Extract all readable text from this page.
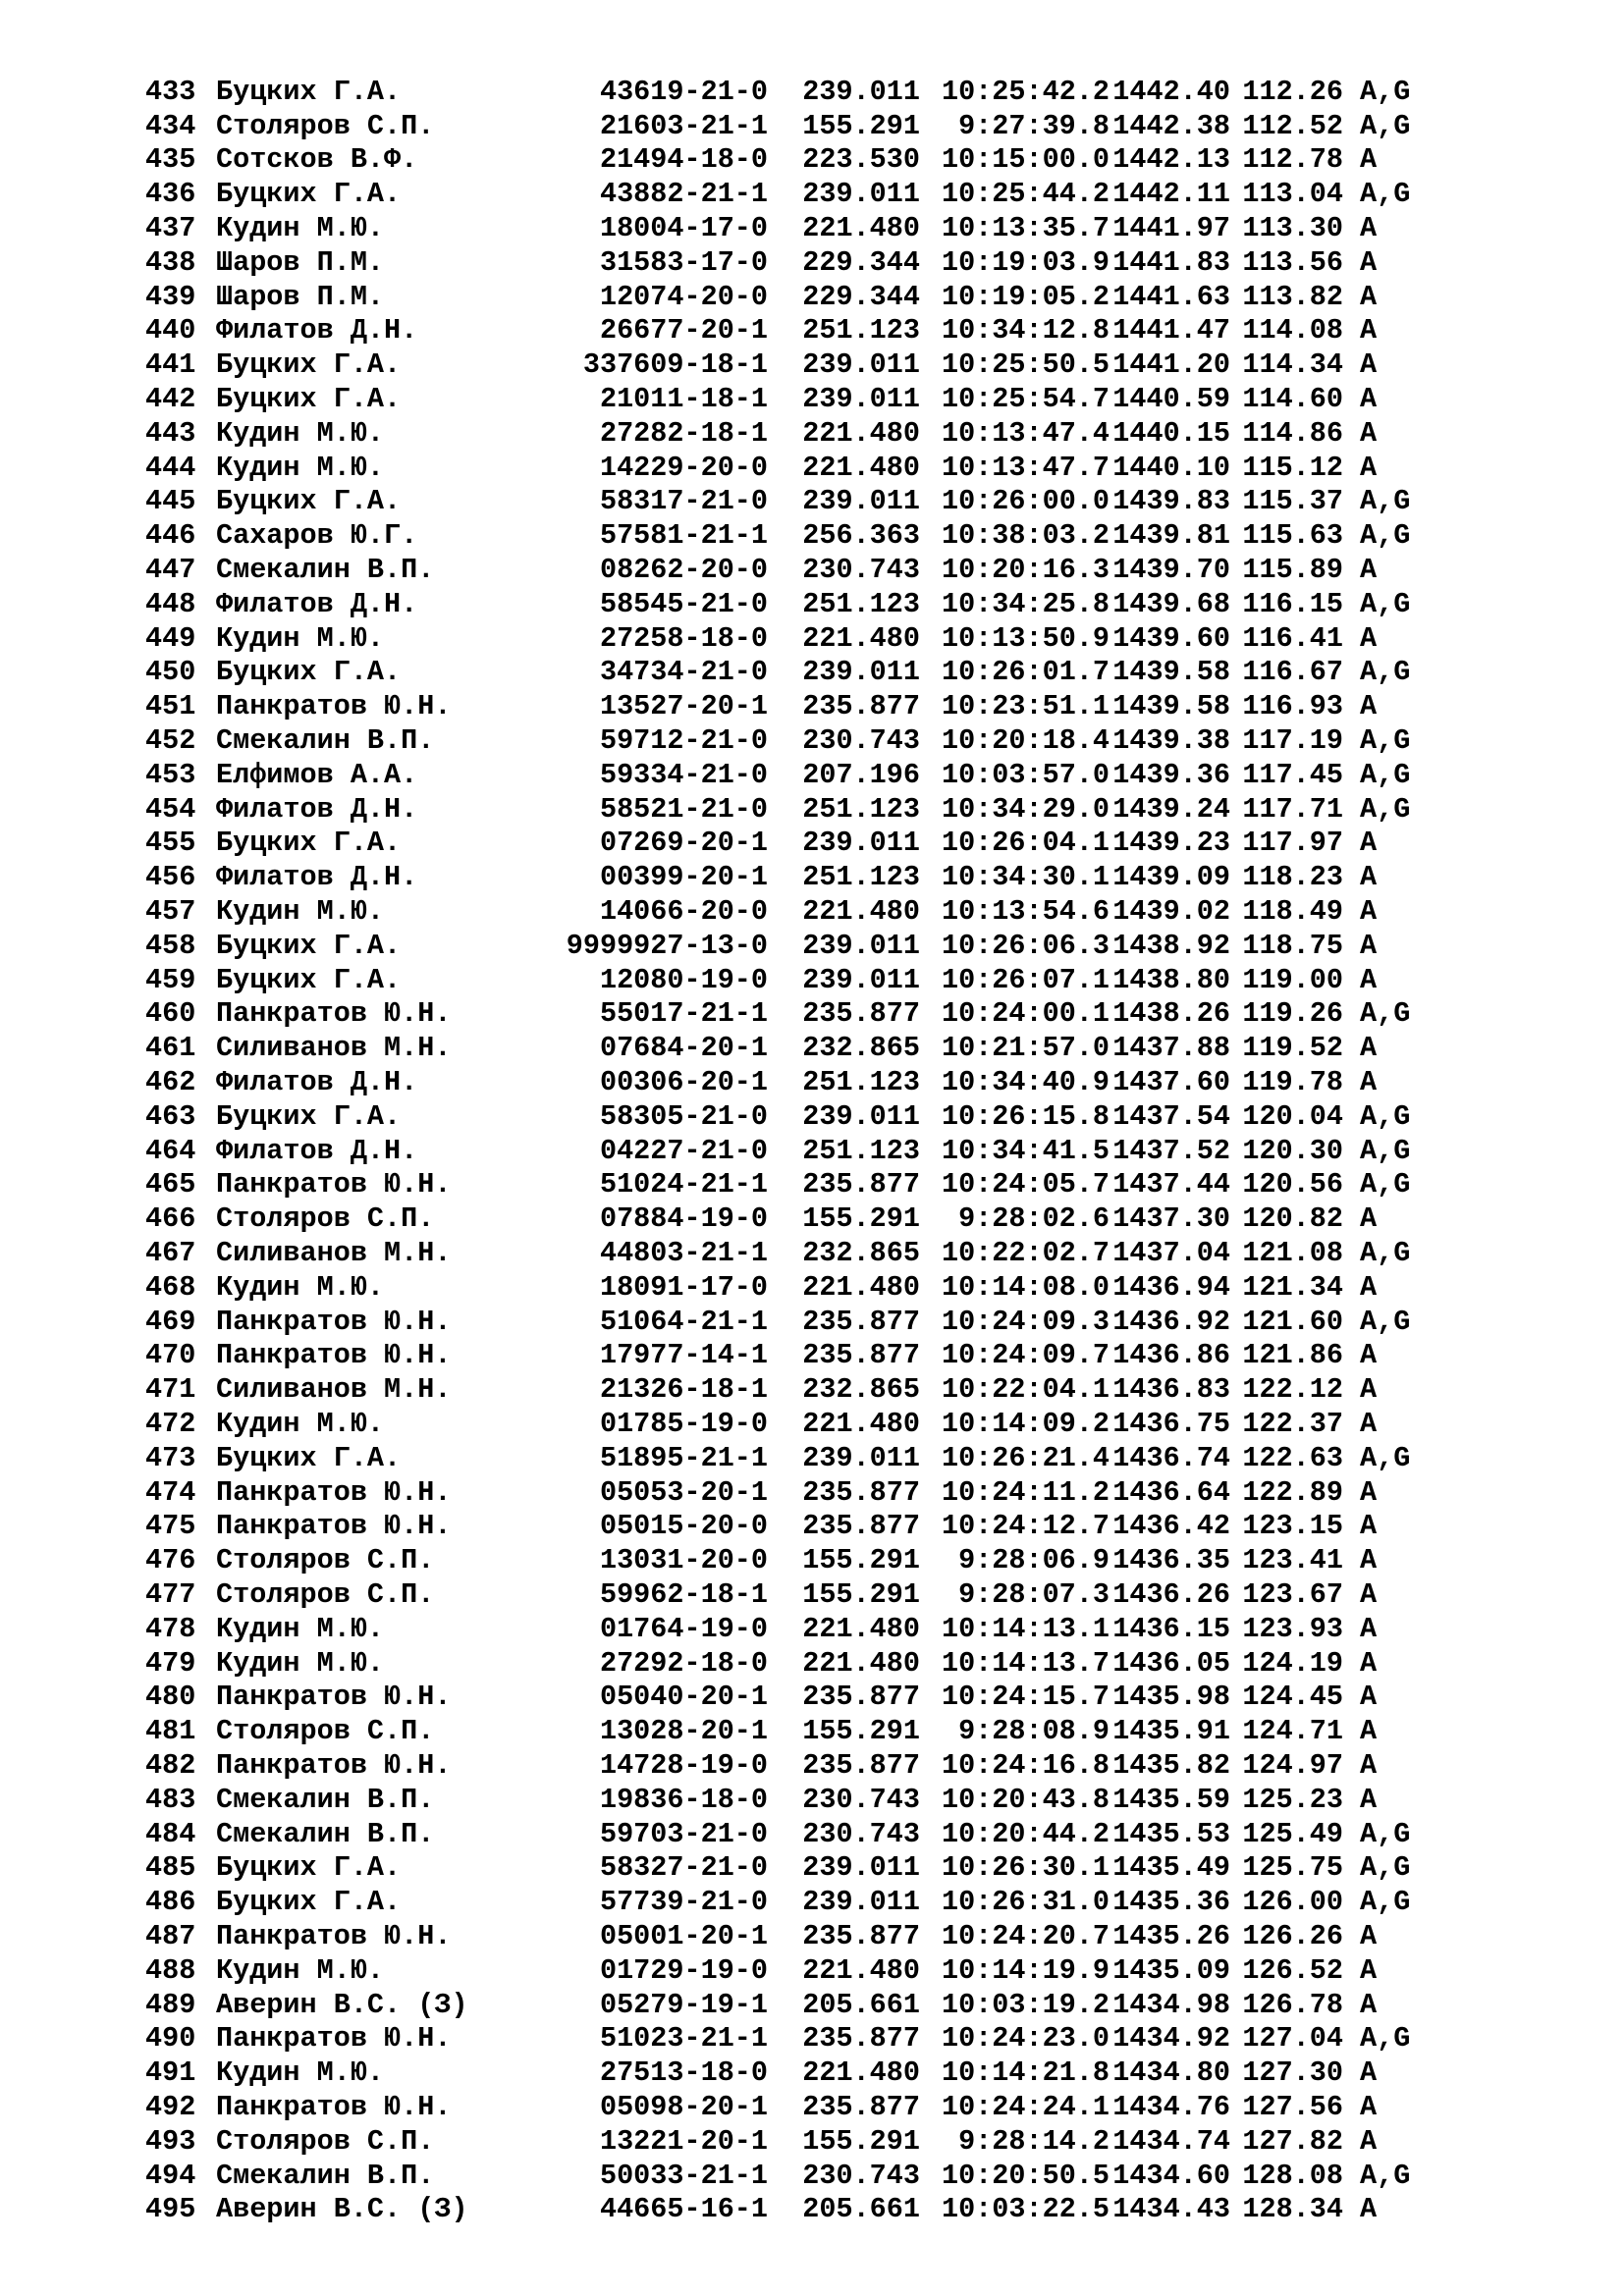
433 Буцких Г.А.	43619-21-0	239.011 10:25:42.2 1442.40 112.26 A,G
434 Столяров С.П.	21603-21-1	155.291	9:27:39.8 1442.38 112.52 A,G
435 Сотсков В.Ф.	21494-18-0	223.530 10:15:00.0 1442.13 112.78 A
436 Буцких Г.А.	43882-21-1	239.011 10:25:44.2 1442.11 113.04 A,G
437 Кудин М.Ю.	18004-17-0	221.480 10:13:35.7 1441.97 113.30 A
438 Шаров П.М.	31583-17-0	229.344 10:19:03.9 1441.83 113.56 A
439 Шаров П.М.	12074-20-0	229.344 10:19:05.2 1441.63 113.82 A
440 Филатов Д.Н.	26677-20-1	251.123 10:34:12.8 1441.47 114.08 A
441 Буцких Г.А.	337609-18-1	239.011 10:25:50.5 1441.20 114.34 A
442 Буцких Г.А.	21011-18-1	239.011 10:25:54.7 1440.59 114.60 A
443 Кудин М.Ю.	27282-18-1	221.480 10:13:47.4 1440.15 114.86 A
444 Кудин М.Ю.	14229-20-0	221.480 10:13:47.7 1440.10 115.12 A
445 Буцких Г.А.	58317-21-0	239.011 10:26:00.0 1439.83 115.37 A,G
446 Сахаров Ю.Г.	57581-21-1	256.363 10:38:03.2 1439.81 115.63 A,G
447 Смекалин В.П.	08262-20-0	230.743 10:20:16.3 1439.70 115.89 A
448 Филатов Д.Н.	58545-21-0	251.123 10:34:25.8 1439.68 116.15 A,G
449 Кудин М.Ю.	27258-18-0	221.480 10:13:50.9 1439.60 116.41 A
450 Буцких Г.А.	34734-21-0	239.011 10:26:01.7 1439.58 116.67 A,G
451 Панкратов Ю.Н.	13527-20-1	235.877 10:23:51.1 1439.58 116.93 A
452 Смекалин В.П.	59712-21-0	230.743 10:20:18.4 1439.38 117.19 A,G
453 Елфимов А.А.	59334-21-0	207.196 10:03:57.0 1439.36 117.45 A,G
454 Филатов Д.Н.	58521-21-0	251.123 10:34:29.0 1439.24 117.71 A,G
455 Буцких Г.А.	07269-20-1	239.011 10:26:04.1 1439.23 117.97 A
456 Филатов Д.Н.	00399-20-1	251.123 10:34:30.1 1439.09 118.23 A
457 Кудин М.Ю.	14066-20-0	221.480 10:13:54.6 1439.02 118.49 A
458 Буцких Г.А.	9999927-13-0	239.011 10:26:06.3 1438.92 118.75 A
459 Буцких Г.А.	12080-19-0	239.011 10:26:07.1 1438.80 119.00 A
460 Панкратов Ю.Н.	55017-21-1	235.877 10:24:00.1 1438.26 119.26 A,G
461 Силиванов М.Н.	07684-20-1	232.865 10:21:57.0 1437.88 119.52 A
462 Филатов Д.Н.	00306-20-1	251.123 10:34:40.9 1437.60 119.78 A
463 Буцких Г.А.	58305-21-0	239.011 10:26:15.8 1437.54 120.04 A,G
464 Филатов Д.Н.	04227-21-0	251.123 10:34:41.5 1437.52 120.30 A,G
465 Панкратов Ю.Н.	51024-21-1	235.877 10:24:05.7 1437.44 120.56 A,G
466 Столяров С.П.	07884-19-0	155.291	9:28:02.6 1437.30 120.82 A
467 Силиванов М.Н.	44803-21-1	232.865 10:22:02.7 1437.04 121.08 A,G
468 Кудин М.Ю.	18091-17-0	221.480 10:14:08.0 1436.94 121.34 A
469 Панкратов Ю.Н.	51064-21-1	235.877 10:24:09.3 1436.92 121.60 A,G
470 Панкратов Ю.Н.	17977-14-1	235.877 10:24:09.7 1436.86 121.86 A
471 Силиванов М.Н.	21326-18-1	232.865 10:22:04.1 1436.83 122.12 A
472 Кудин М.Ю.	01785-19-0	221.480 10:14:09.2 1436.75 122.37 A
473 Буцких Г.А.	51895-21-1	239.011 10:26:21.4 1436.74 122.63 A,G
474 Панкратов Ю.Н.	05053-20-1	235.877 10:24:11.2 1436.64 122.89 A
475 Панкратов Ю.Н.	05015-20-0	235.877 10:24:12.7 1436.42 123.15 A
476 Столяров С.П.	13031-20-0	155.291	9:28:06.9 1436.35 123.41 A
477 Столяров С.П.	59962-18-1	155.291	9:28:07.3 1436.26 123.67 A
478 Кудин М.Ю.	01764-19-0	221.480 10:14:13.1 1436.15 123.93 A
479 Кудин М.Ю.	27292-18-0	221.480 10:14:13.7 1436.05 124.19 A
480 Панкратов Ю.Н.	05040-20-1	235.877 10:24:15.7 1435.98 124.45 A
481 Столяров С.П.	13028-20-1	155.291	9:28:08.9 1435.91 124.71 A
482 Панкратов Ю.Н.	14728-19-0	235.877 10:24:16.8 1435.82 124.97 A
483 Смекалин В.П.	19836-18-0	230.743 10:20:43.8 1435.59 125.23 A
484 Смекалин В.П.	59703-21-0	230.743 10:20:44.2 1435.53 125.49 A,G
485 Буцких Г.А.	58327-21-0	239.011 10:26:30.1 1435.49 125.75 A,G
486 Буцких Г.А.	57739-21-0	239.011 10:26:31.0 1435.36 126.00 A,G
487 Панкратов Ю.Н.	05001-20-1	235.877 10:24:20.7 1435.26 126.26 A
488 Кудин М.Ю.	01729-19-0	221.480 10:14:19.9 1435.09 126.52 A
489 Аверин В.С. (З)	05279-19-1	205.661 10:03:19.2 1434.98 126.78 A
490 Панкратов Ю.Н.	51023-21-1	235.877 10:24:23.0 1434.92 127.04 A,G
491 Кудин М.Ю.	27513-18-0	221.480 10:14:21.8 1434.80 127.30 A
492 Панкратов Ю.Н.	05098-20-1	235.877 10:24:24.1 1434.76 127.56 A
493 Столяров С.П.	13221-20-1	155.291	9:28:14.2 1434.74 127.82 A
494 Смекалин В.П.	50033-21-1	230.743 10:20:50.5 1434.60 128.08 A,G
495 Аверин В.С. (З)	44665-16-1	205.661 10:03:22.5 1434.43 128.34 A
